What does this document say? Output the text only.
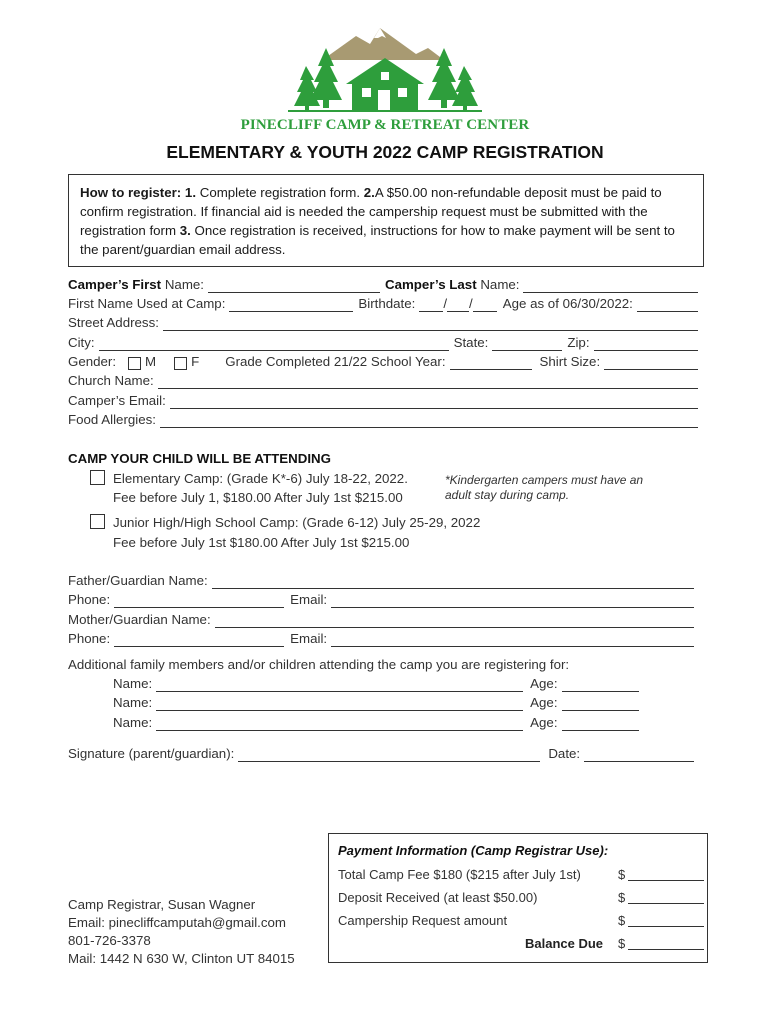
PINECLIFF CAMP & RETREAT CENTER
ELEMENTARY & YOUTH 2022 CAMP REGISTRATION
How to register: 1. Complete registration form. 2.A $50.00 non-refundable deposit must be paid to confirm registration. If financial aid is needed the campership request must be submitted with the registration form 3. Once registration is received, instructions for how to make payment will be sent to the parent/guardian email address.
Camper’s First Name:	Camper’s Last Name:
First Name Used at Camp:	Birthdate: / / Age as of 06/30/2022:
Street Address:
City:	State:	Zip:
Gender: M	F Grade Completed 21/22 School Year:	Shirt Size:
Church Name:
Camper’s Email:
Food Allergies:
CAMP YOUR CHILD WILL BE ATTENDING
Elementary Camp: (Grade K*-6) July 18-22, 2022.
Fee before July 1, $180.00 After July 1st $215.00
*Kindergarten campers must have an adult stay during camp.
Junior High/High School Camp: (Grade 6-12) July 25-29, 2022
Fee before July 1st $180.00 After July 1st $215.00
Father/Guardian Name:
Phone:	Email:
Mother/Guardian Name:
Phone:	Email:
Additional family members and/or children attending the camp you are registering for:
Name:	Age:
Name:	Age:
Name:	Age:
Signature (parent/guardian):	Date:
Payment Information (Camp Registrar Use):
Total Camp Fee $180 ($215 after July 1st)	$
Deposit Received (at least $50.00)	$
Campership Request amount	$
Balance Due $
Camp Registrar, Susan Wagner
Email: pinecliffcamputah@gmail.com
801-726-3378
Mail: 1442 N 630 W, Clinton UT 84015
